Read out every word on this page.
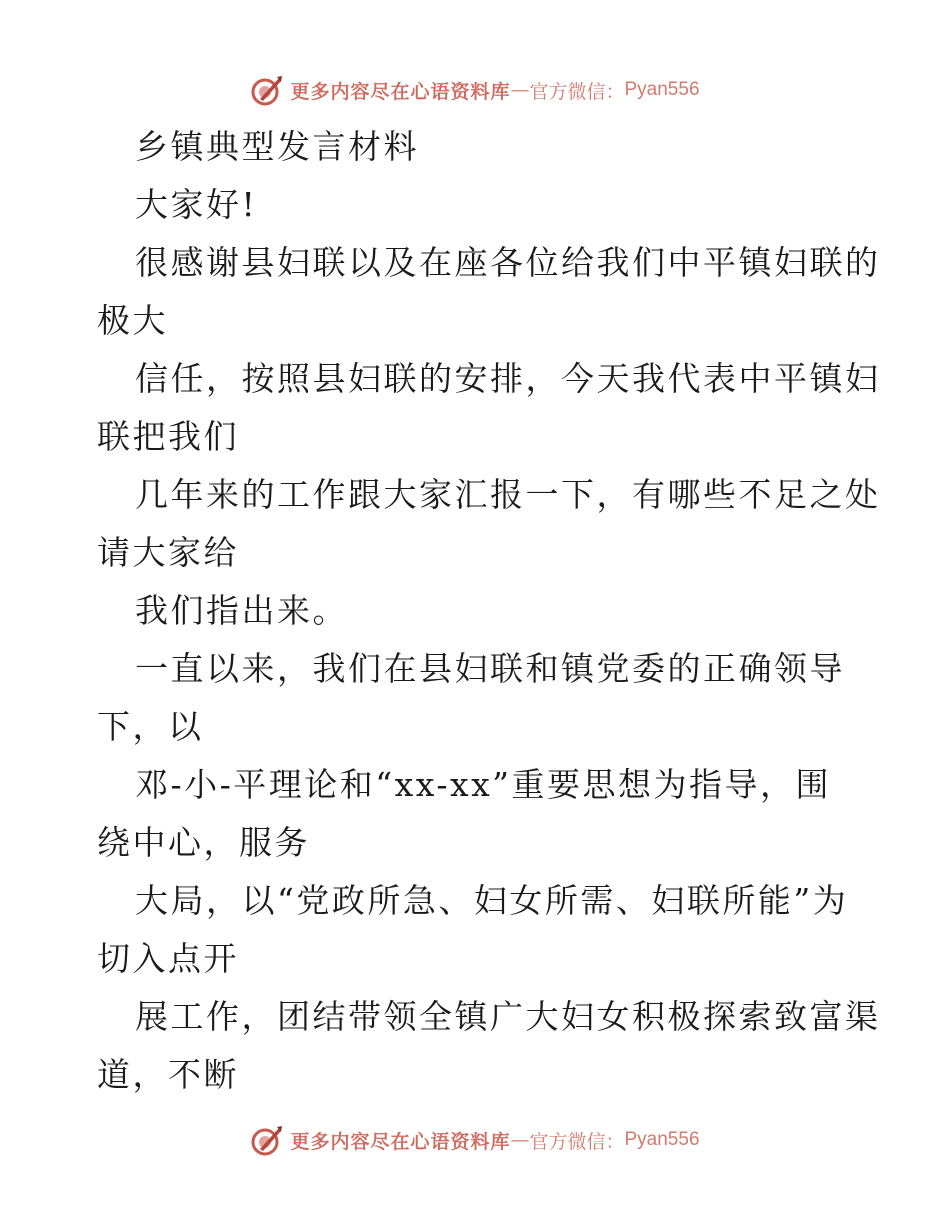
更多内容尽在心语资料库 — 官方微信： Pyan556
乡镇典型发言材料
大家好!
很感谢县妇联以及在座各位给我们中平镇妇联的
极大
信任，按照县妇联的安排，今天我代表中平镇妇
联把我们
几年来的工作跟大家汇报一下，有哪些不足之处
请大家给
我们指出来。
一直以来，我们在县妇联和镇党委的正确领导
下，以
邓-小-平理论和“xx-xx”重要思想为指导，围
绕中心，服务
大局，以“党政所急、妇女所需、妇联所能”为
切入点开
展工作，团结带领全镇广大妇女积极探索致富渠
道，不断
更多内容尽在心语资料库 — 官方微信： Pyan556
